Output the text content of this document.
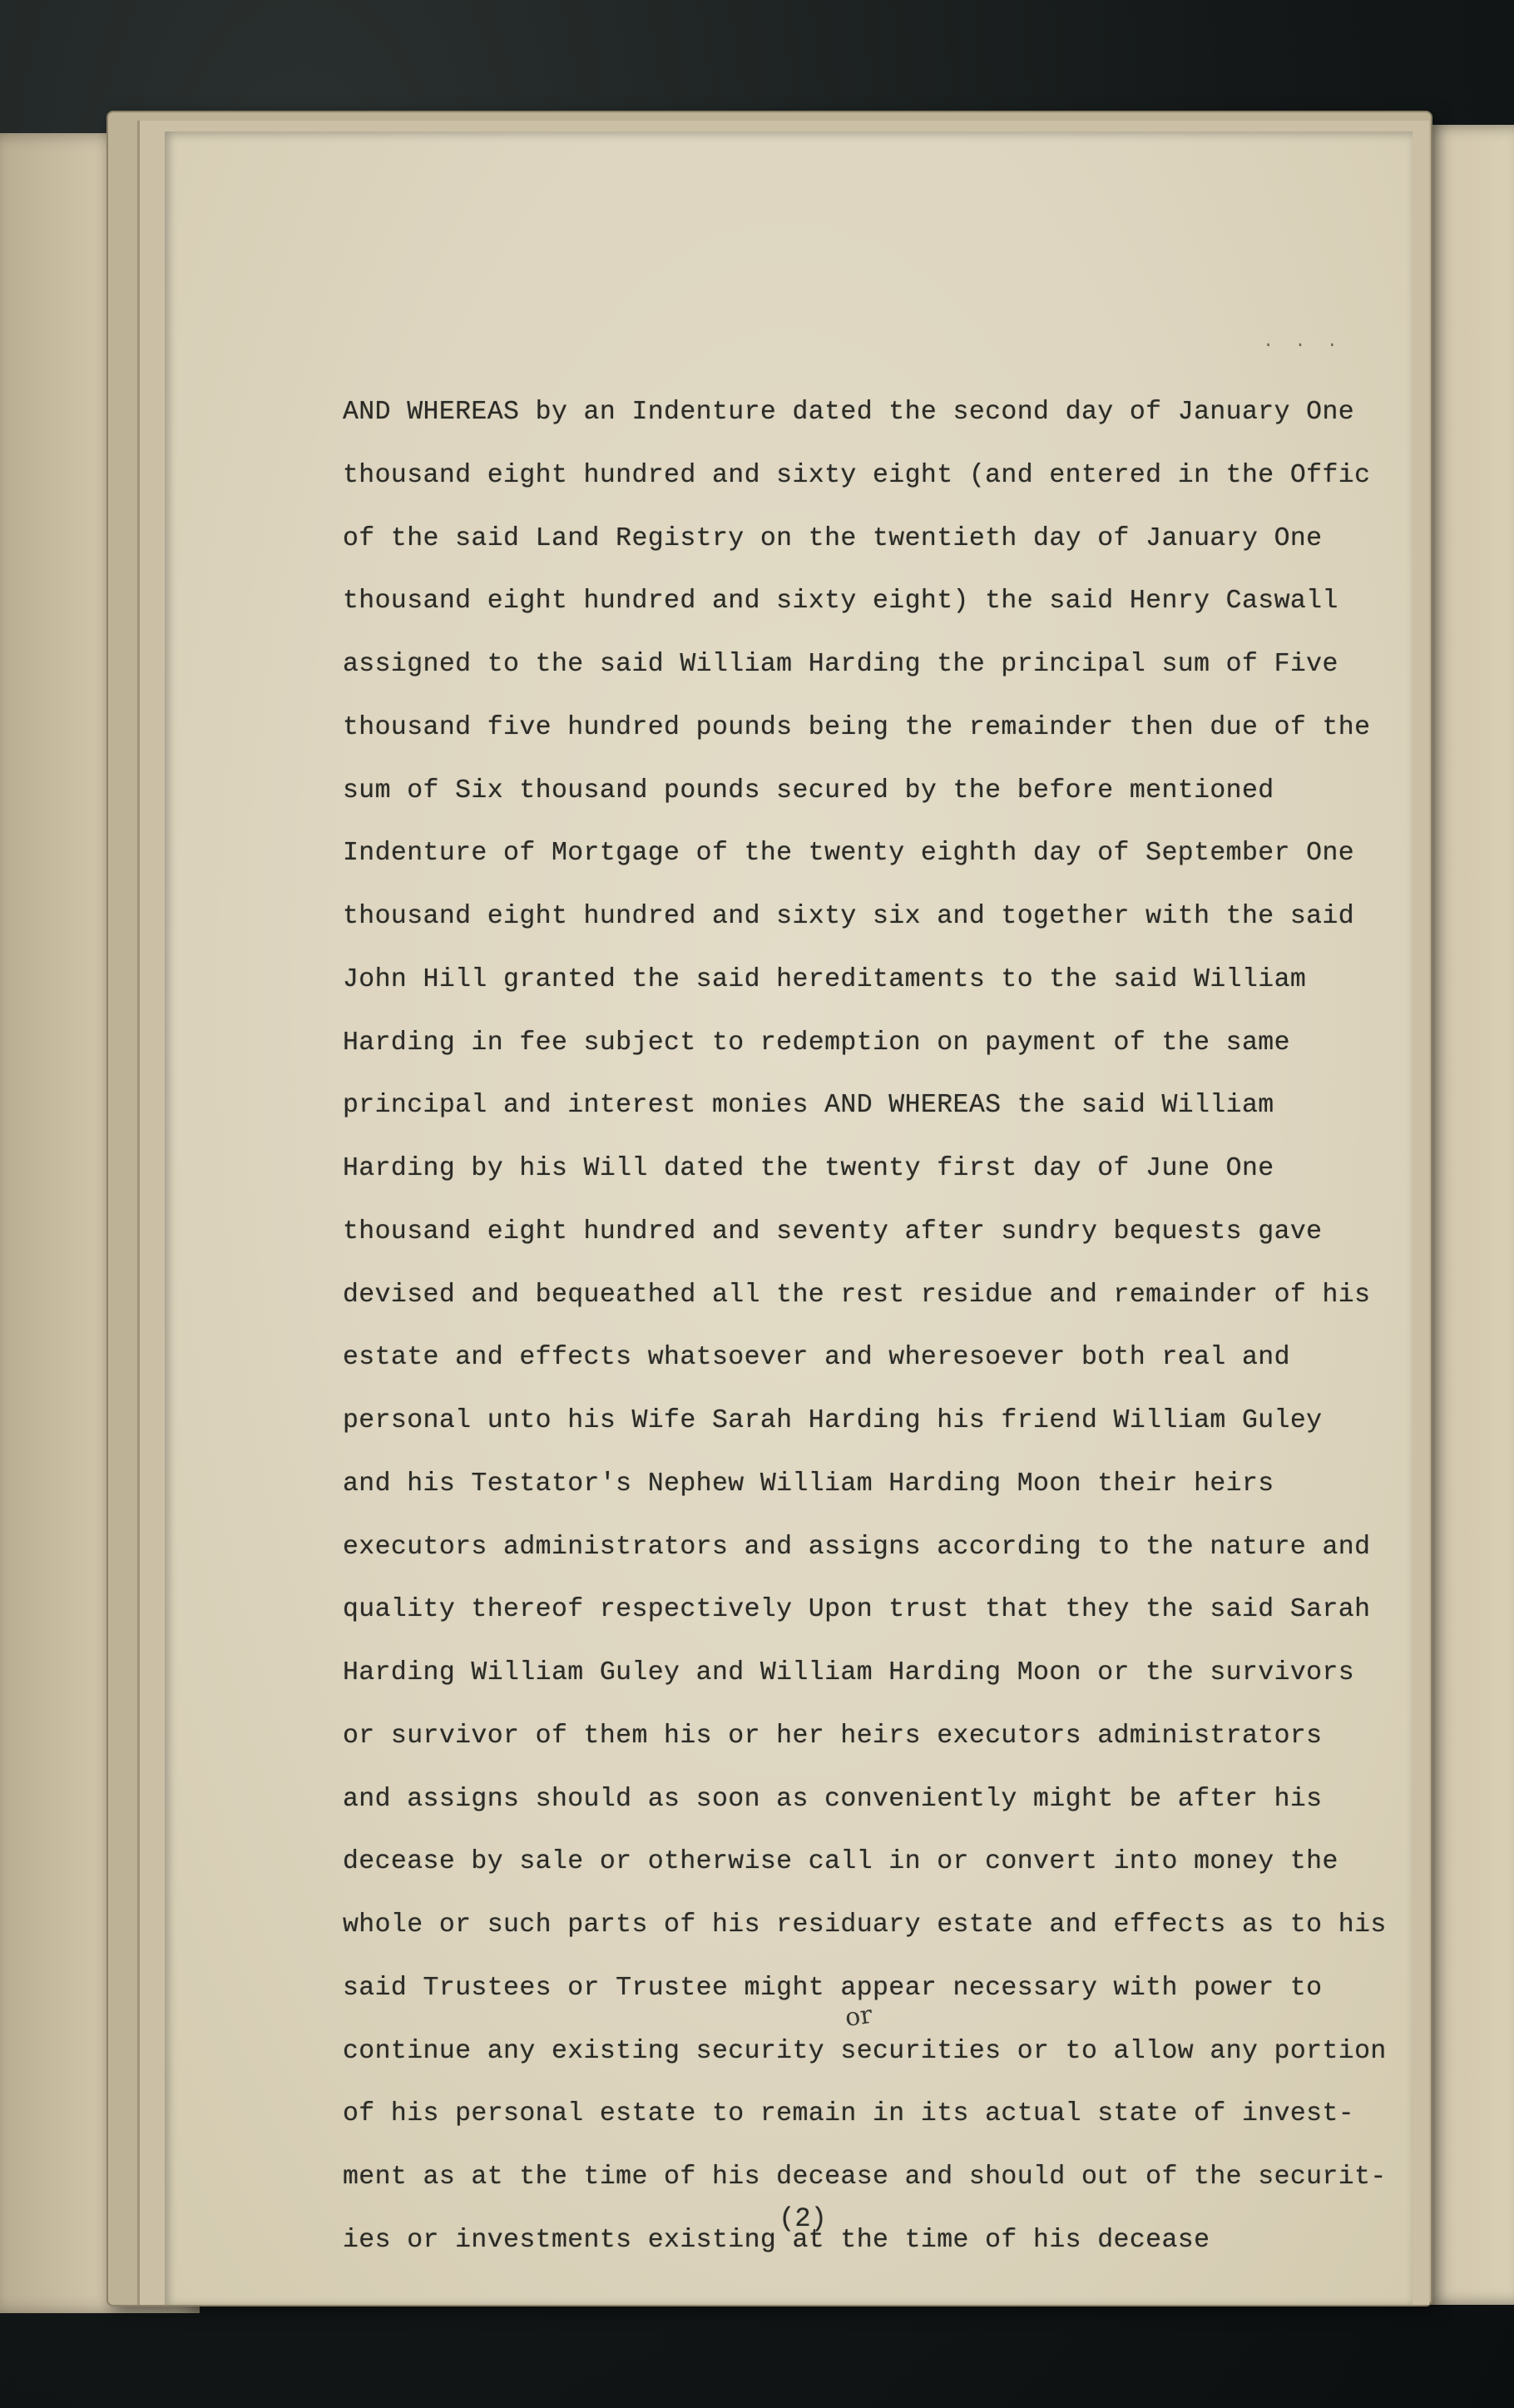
. . .
AND WHEREAS by an Indenture dated the second day of January One
thousand eight hundred and sixty eight (and entered in the Offic
of the said Land Registry on the twentieth day of January One
thousand eight hundred and sixty eight) the said Henry Caswall
assigned to the said William Harding the principal sum of Five
thousand five hundred pounds being the remainder then due of the
sum of Six thousand pounds secured by the before mentioned
Indenture of Mortgage of the twenty eighth day of September One
thousand eight hundred and sixty six and together with the said
John Hill granted the said hereditaments to the said William
Harding in fee subject to redemption on payment of the same
principal and interest monies AND WHEREAS the said William
Harding by his Will dated the twenty first day of June One
thousand eight hundred and seventy after sundry bequests gave
devised and bequeathed all the rest residue and remainder of his
estate and effects whatsoever and wheresoever both real and
personal unto his Wife Sarah Harding his friend William Guley
and his Testator's Nephew William Harding Moon their heirs
executors administrators and assigns according to the nature and
quality thereof respectively Upon trust that they the said Sarah
Harding William Guley and William Harding Moon or the survivors
or survivor of them his or her heirs executors administrators
and assigns should as soon as conveniently might be after his
decease by sale or otherwise call in or convert into money the
whole or such parts of his residuary estate and effects as to his
said Trustees or Trustee might appear necessary with power to
continue any existing security securities or to allow any portion
of his personal estate to remain in its actual state of invest-
ment as at the time of his decease and should out of the securit-
ies or investments existing at the time of his decease
or
(2)
